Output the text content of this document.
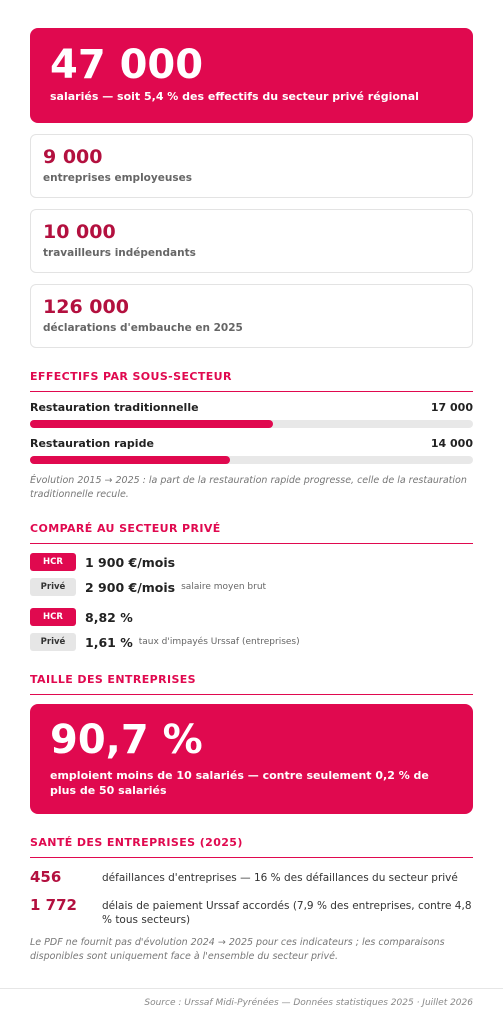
47 000
salariés — soit 5,4 % des effectifs du secteur privé régional
9 000
entreprises employeuses
10 000
travailleurs indépendants
126 000
déclarations d'embauche en 2025
EFFECTIFS PAR SOUS-SECTEUR
Restauration traditionnelle	17 000
Restauration rapide	14 000
Évolution 2015 → 2025 : la part de la restauration rapide progresse, celle de la restauration traditionnelle recule.
COMPARÉ AU SECTEUR PRIVÉ
HCR	1 900 €/mois
Privé	2 900 €/mois salaire moyen brut
HCR	8,82 %
Privé	1,61 % taux d'impayés Urssaf (entreprises)
TAILLE DES ENTREPRISES
90,7 %
emploient moins de 10 salariés — contre seulement 0,2 % de plus de 50 salariés
SANTÉ DES ENTREPRISES (2025)
456	défaillances d'entreprises — 16 % des défaillances du secteur privé
1 772	délais de paiement Urssaf accordés (7,9 % des entreprises, contre 4,8 % tous secteurs)
Le PDF ne fournit pas d'évolution 2024 → 2025 pour ces indicateurs ; les comparaisons disponibles sont uniquement face à l'ensemble du secteur privé.
Source : Urssaf Midi-Pyrénées — Données statistiques 2025 · Juillet 2026
